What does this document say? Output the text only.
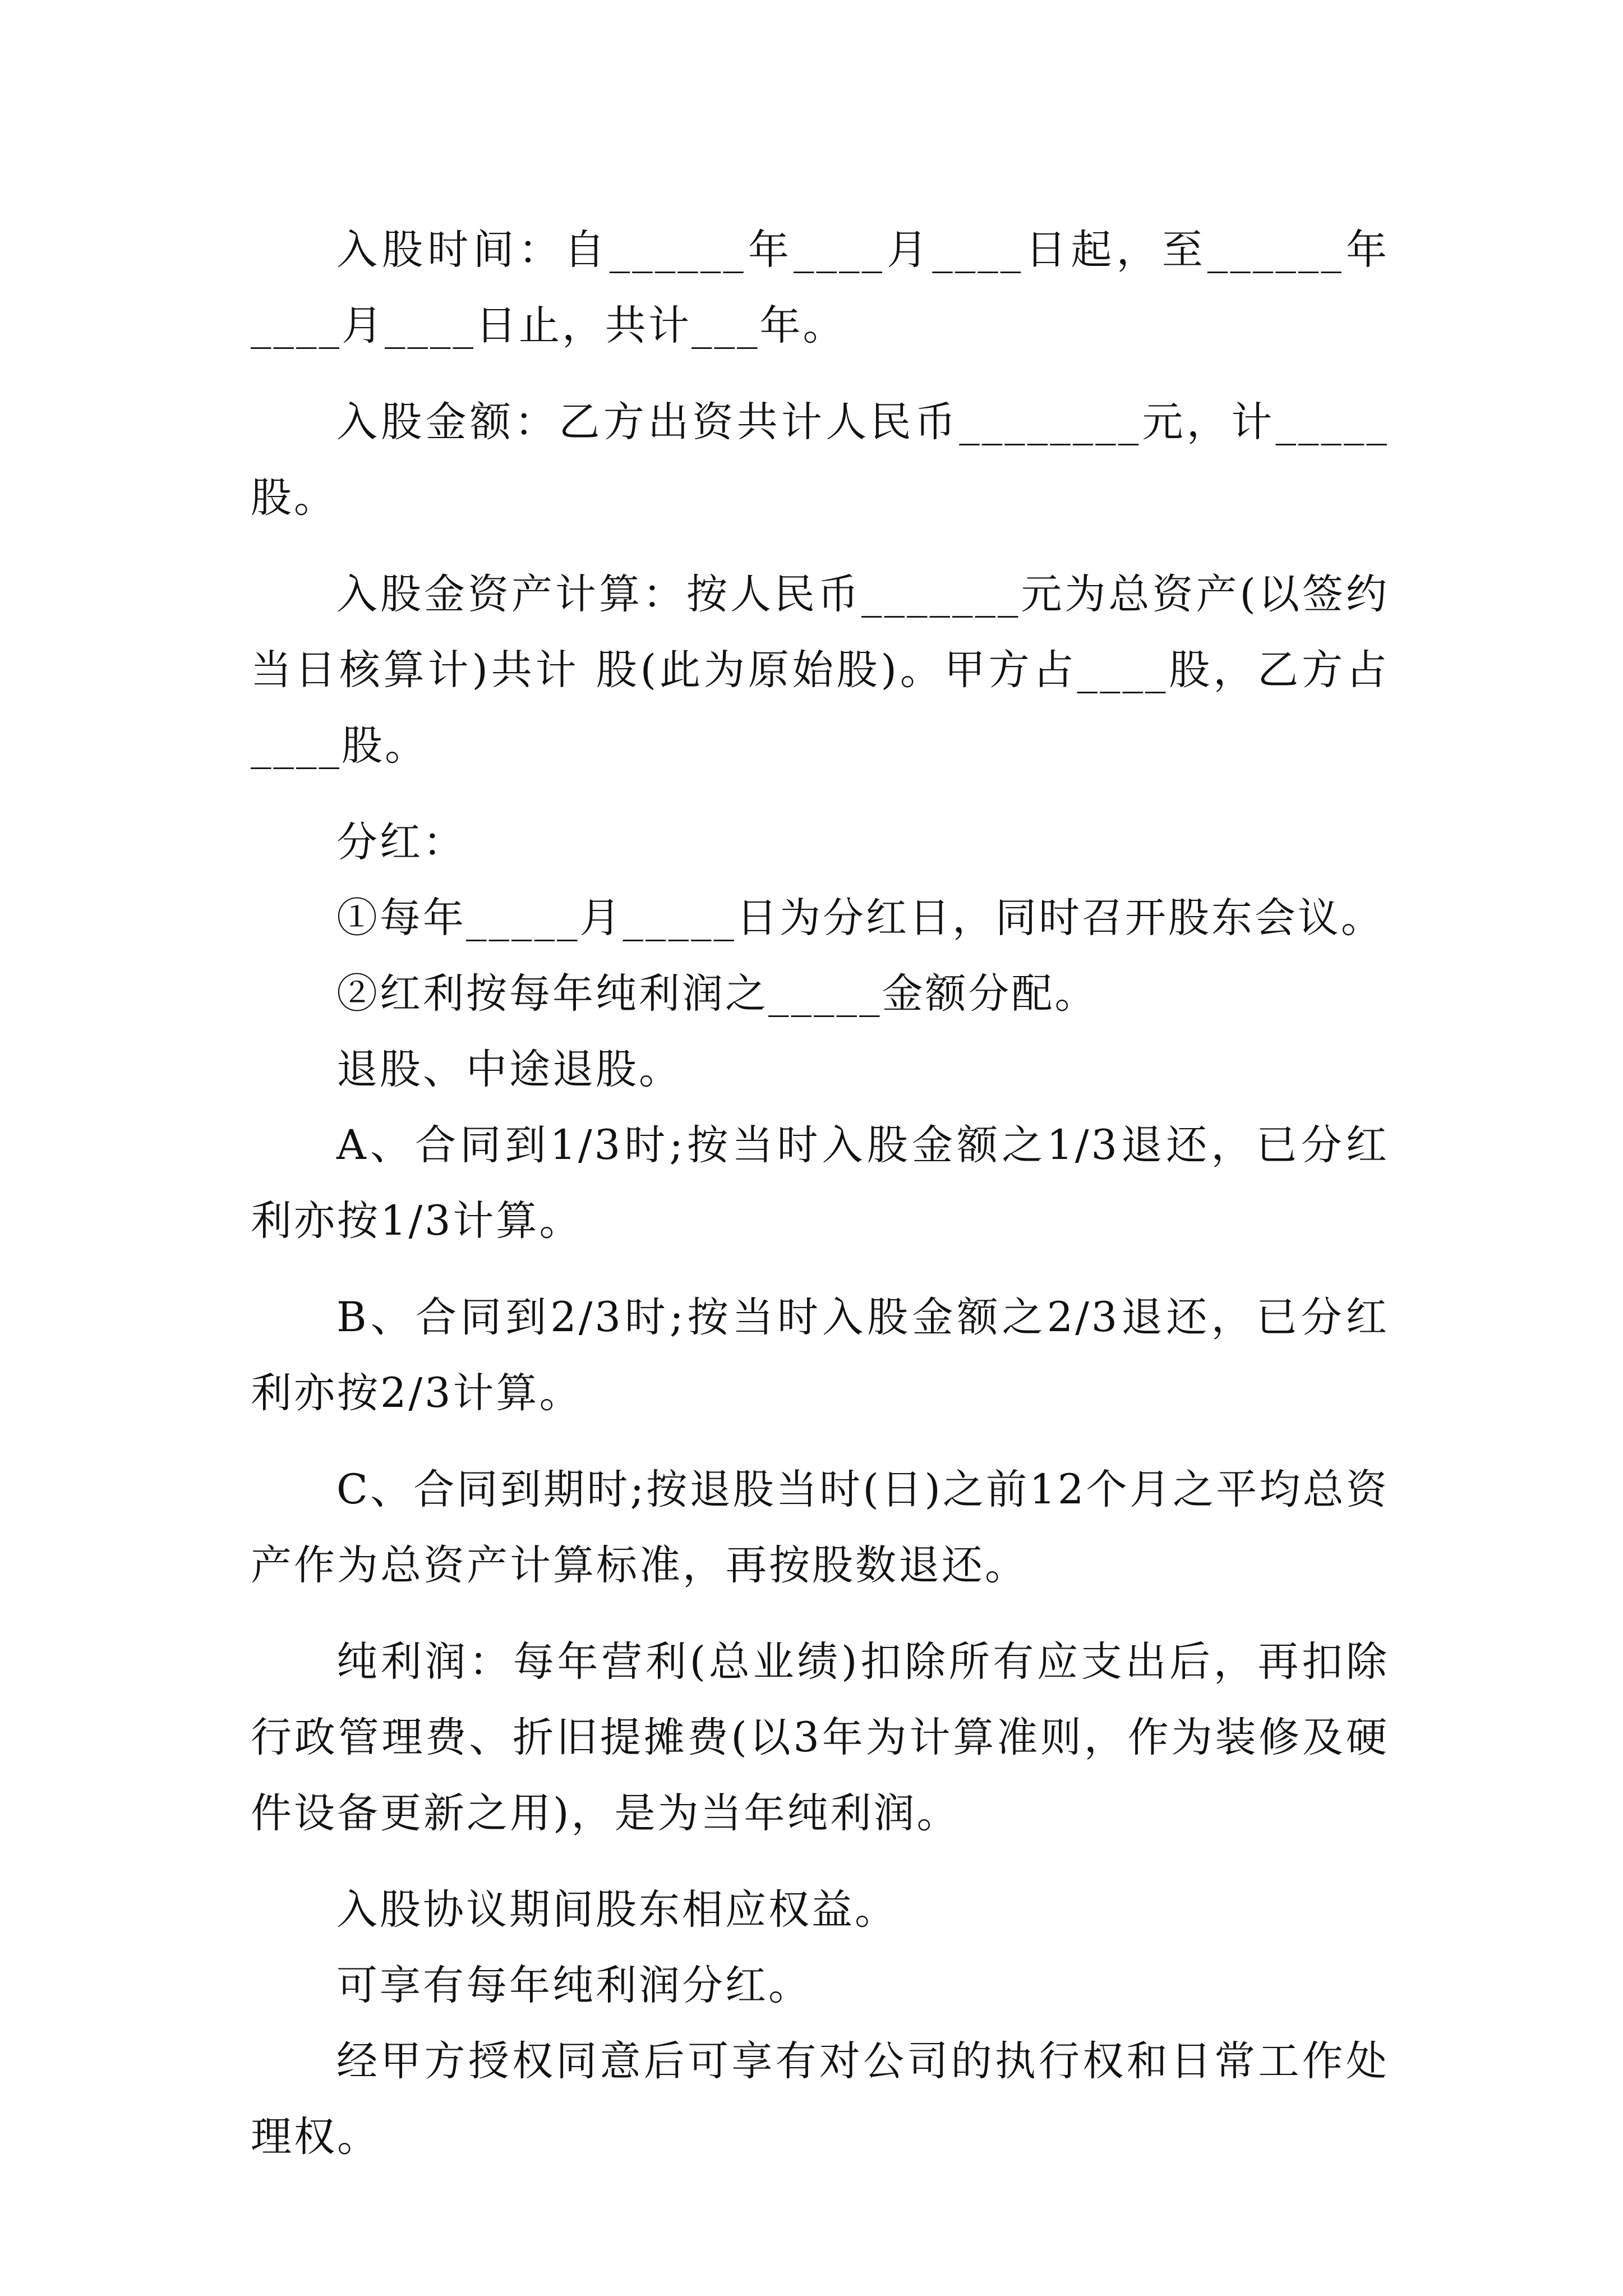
入股时间：自______年____月____日起，至______年____月____日止，共计___年。

入股金额：乙方出资共计人民币________元，计_____股。

入股金资产计算：按人民币_______元为总资产(以签约当日核算计)共计 股(此为原始股)。甲方占____股，乙方占____股。

分红：

①每年_____月_____日为分红日，同时召开股东会议。

②红利按每年纯利润之_____金额分配。

退股、中途退股。

A、合同到1/3时;按当时入股金额之1/3退还，已分红利亦按1/3计算。

B、合同到2/3时;按当时入股金额之2/3退还，已分红利亦按2/3计算。

C、合同到期时;按退股当时(日)之前12个月之平均总资产作为总资产计算标准，再按股数退还。

纯利润：每年营利(总业绩)扣除所有应支出后，再扣除行政管理费、折旧提摊费(以3年为计算准则，作为装修及硬件设备更新之用)，是为当年纯利润。

入股协议期间股东相应权益。

可享有每年纯利润分红。

经甲方授权同意后可享有对公司的执行权和日常工作处理权。
